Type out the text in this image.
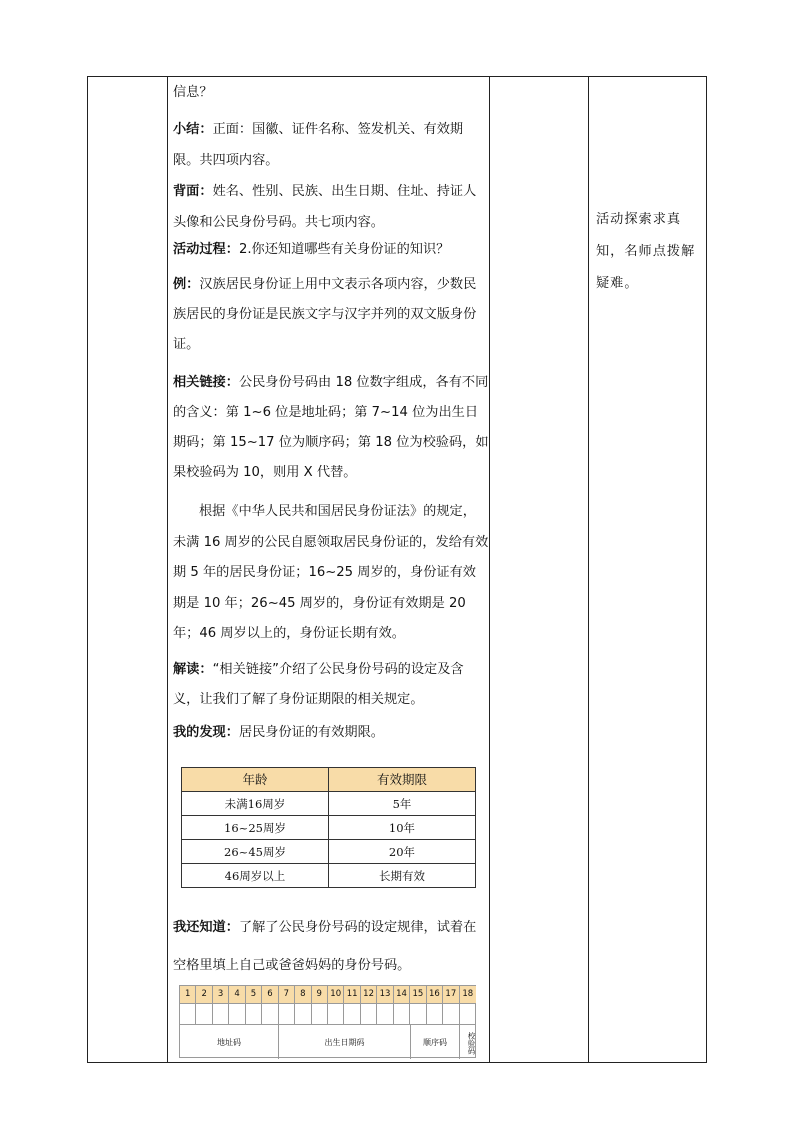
信息？

小结：正面：国徽、证件名称、签发机关、有效期限。共四项内容。

背面：姓名、性别、民族、出生日期、住址、持证人头像和公民身份号码。共七项内容。

活动过程：2.你还知道哪些有关身份证的知识？

例：汉族居民身份证上用中文表示各项内容，少数民族居民的身份证是民族文字与汉字并列的双文版身份证。

相关链接：公民身份号码由 18 位数字组成，各有不同的含义：第 1~6 位是地址码；第 7~14 位为出生日期码；第 15~17 位为顺序码；第 18 位为校验码，如果校验码为 10，则用 X 代替。

根据《中华人民共和国居民身份证法》的规定，未满 16 周岁的公民自愿领取居民身份证的，发给有效期 5 年的居民身份证；16~25 周岁的，身份证有效期是 10 年；26~45 周岁的，身份证有效期是 20 年；46 周岁以上的，身份证长期有效。

解读：“相关链接”介绍了公民身份号码的设定及含义，让我们了解了身份证期限的相关规定。

我的发现：居民身份证的有效期限。

年龄	有效期限
未满16周岁	5年
16~25周岁	10年
26~45周岁	20年
46周岁以上	长期有效

我还知道：了解了公民身份号码的设定规律，试着在空格里填上自己或爸爸妈妈的身份号码。

1	2	3	4	5	6	7	8	9 10 11 12 13 14 15 16 17 18
地址码	出生日期码	顺序码	校验码
活动探索求真知，名师点拨解疑难。
